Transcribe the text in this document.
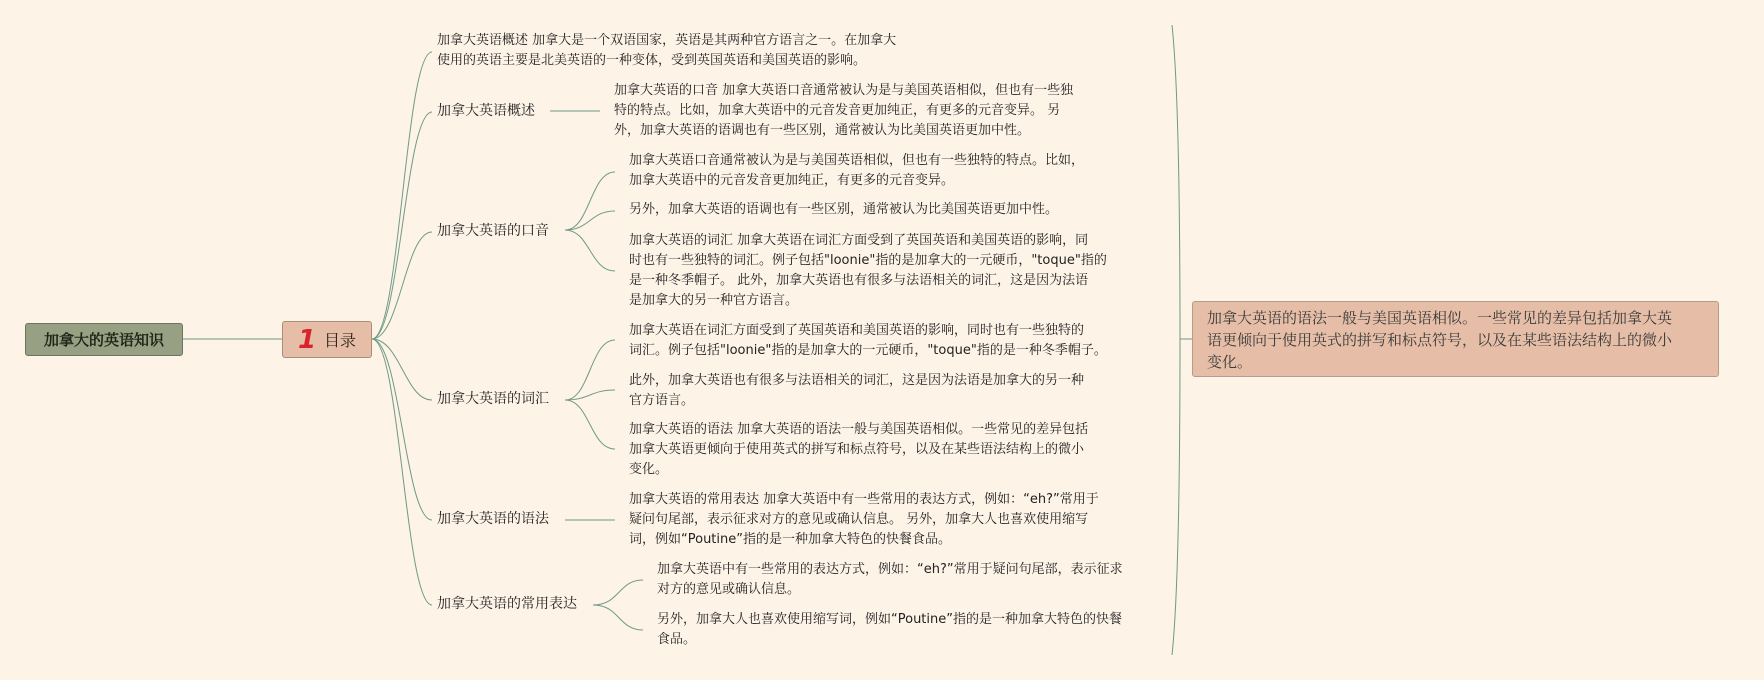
加拿大的英语知识	1 目录
加拿大英语概述 加拿大是一个双语国家，英语是其两种官方语言之一。在加拿大
使用的英语主要是北美英语的一种变体，受到英国英语和美国英语的影响。
加拿大英语概述
加拿大英语的口音 加拿大英语口音通常被认为是与美国英语相似，但也有一些独
特的特点。比如，加拿大英语中的元音发音更加纯正，有更多的元音变异。 另
外，加拿大英语的语调也有一些区别，通常被认为比美国英语更加中性。
加拿大英语的口音
加拿大英语口音通常被认为是与美国英语相似，但也有一些独特的特点。比如，
加拿大英语中的元音发音更加纯正，有更多的元音变异。
另外，加拿大英语的语调也有一些区别，通常被认为比美国英语更加中性。
加拿大英语的词汇 加拿大英语在词汇方面受到了英国英语和美国英语的影响，同
时也有一些独特的词汇。例子包括"loonie"指的是加拿大的一元硬币，"toque"指的
是一种冬季帽子。 此外，加拿大英语也有很多与法语相关的词汇，这是因为法语
是加拿大的另一种官方语言。
加拿大英语的词汇
加拿大英语在词汇方面受到了英国英语和美国英语的影响，同时也有一些独特的
词汇。例子包括"loonie"指的是加拿大的一元硬币，"toque"指的是一种冬季帽子。
此外，加拿大英语也有很多与法语相关的词汇，这是因为法语是加拿大的另一种
官方语言。
加拿大英语的语法 加拿大英语的语法一般与美国英语相似。一些常见的差异包括
加拿大英语更倾向于使用英式的拼写和标点符号，以及在某些语法结构上的微小
变化。
加拿大英语的语法
加拿大英语的常用表达 加拿大英语中有一些常用的表达方式，例如：“eh?”常用于
疑问句尾部，表示征求对方的意见或确认信息。 另外，加拿大人也喜欢使用缩写
词，例如“Poutine”指的是一种加拿大特色的快餐食品。
加拿大英语的常用表达
加拿大英语中有一些常用的表达方式，例如：“eh?”常用于疑问句尾部，表示征求
对方的意见或确认信息。
另外，加拿大人也喜欢使用缩写词，例如“Poutine”指的是一种加拿大特色的快餐
食品。
加拿大英语的语法一般与美国英语相似。一些常见的差异包括加拿大英
语更倾向于使用英式的拼写和标点符号，以及在某些语法结构上的微小
变化。
